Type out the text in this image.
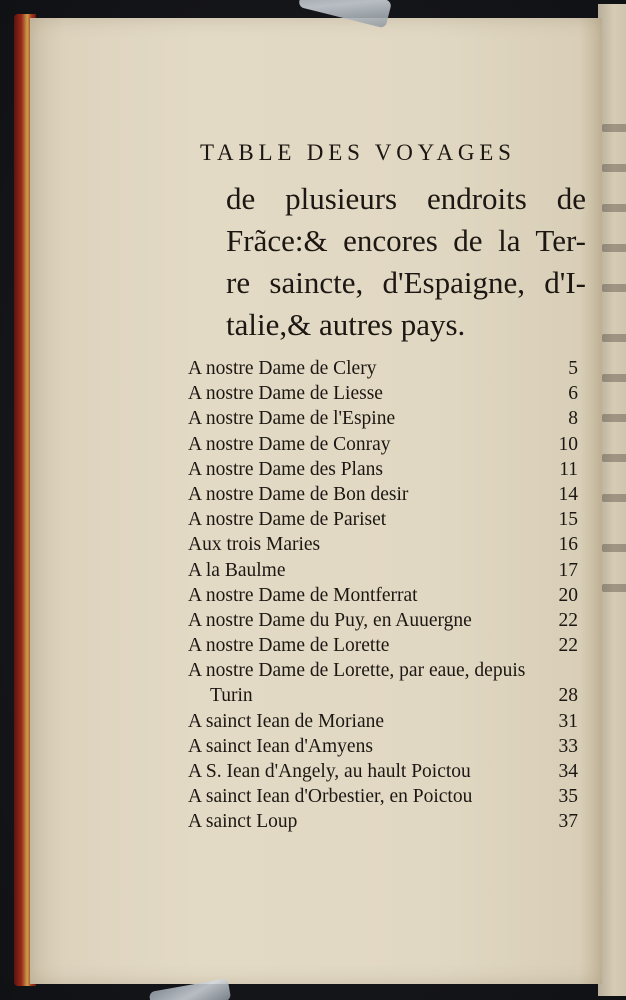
TABLE DES VOYAGES
de plusieurs endroits de
Frãce:& encores de la Ter-
re saincte, d'Espaigne, d'I-
talie,& autres pays.
A nostre Dame de Clery	5
A nostre Dame de Liesse	6
A nostre Dame de l'Espine	8
A nostre Dame de Conray	10
A nostre Dame des Plans	11
A nostre Dame de Bon desir	14
A nostre Dame de Pariset	15
Aux trois Maries	16
A la Baulme	17
A nostre Dame de Montferrat	20
A nostre Dame du Puy, en Auuergne	22
A nostre Dame de Lorette	22
A nostre Dame de Lorette, par eaue, depuis
Turin	28
A sainct Iean de Moriane	31
A sainct Iean d'Amyens	33
A S. Iean d'Angely, au hault Poictou	34
A sainct Iean d'Orbestier, en Poictou	35
A sainct Loup	37
